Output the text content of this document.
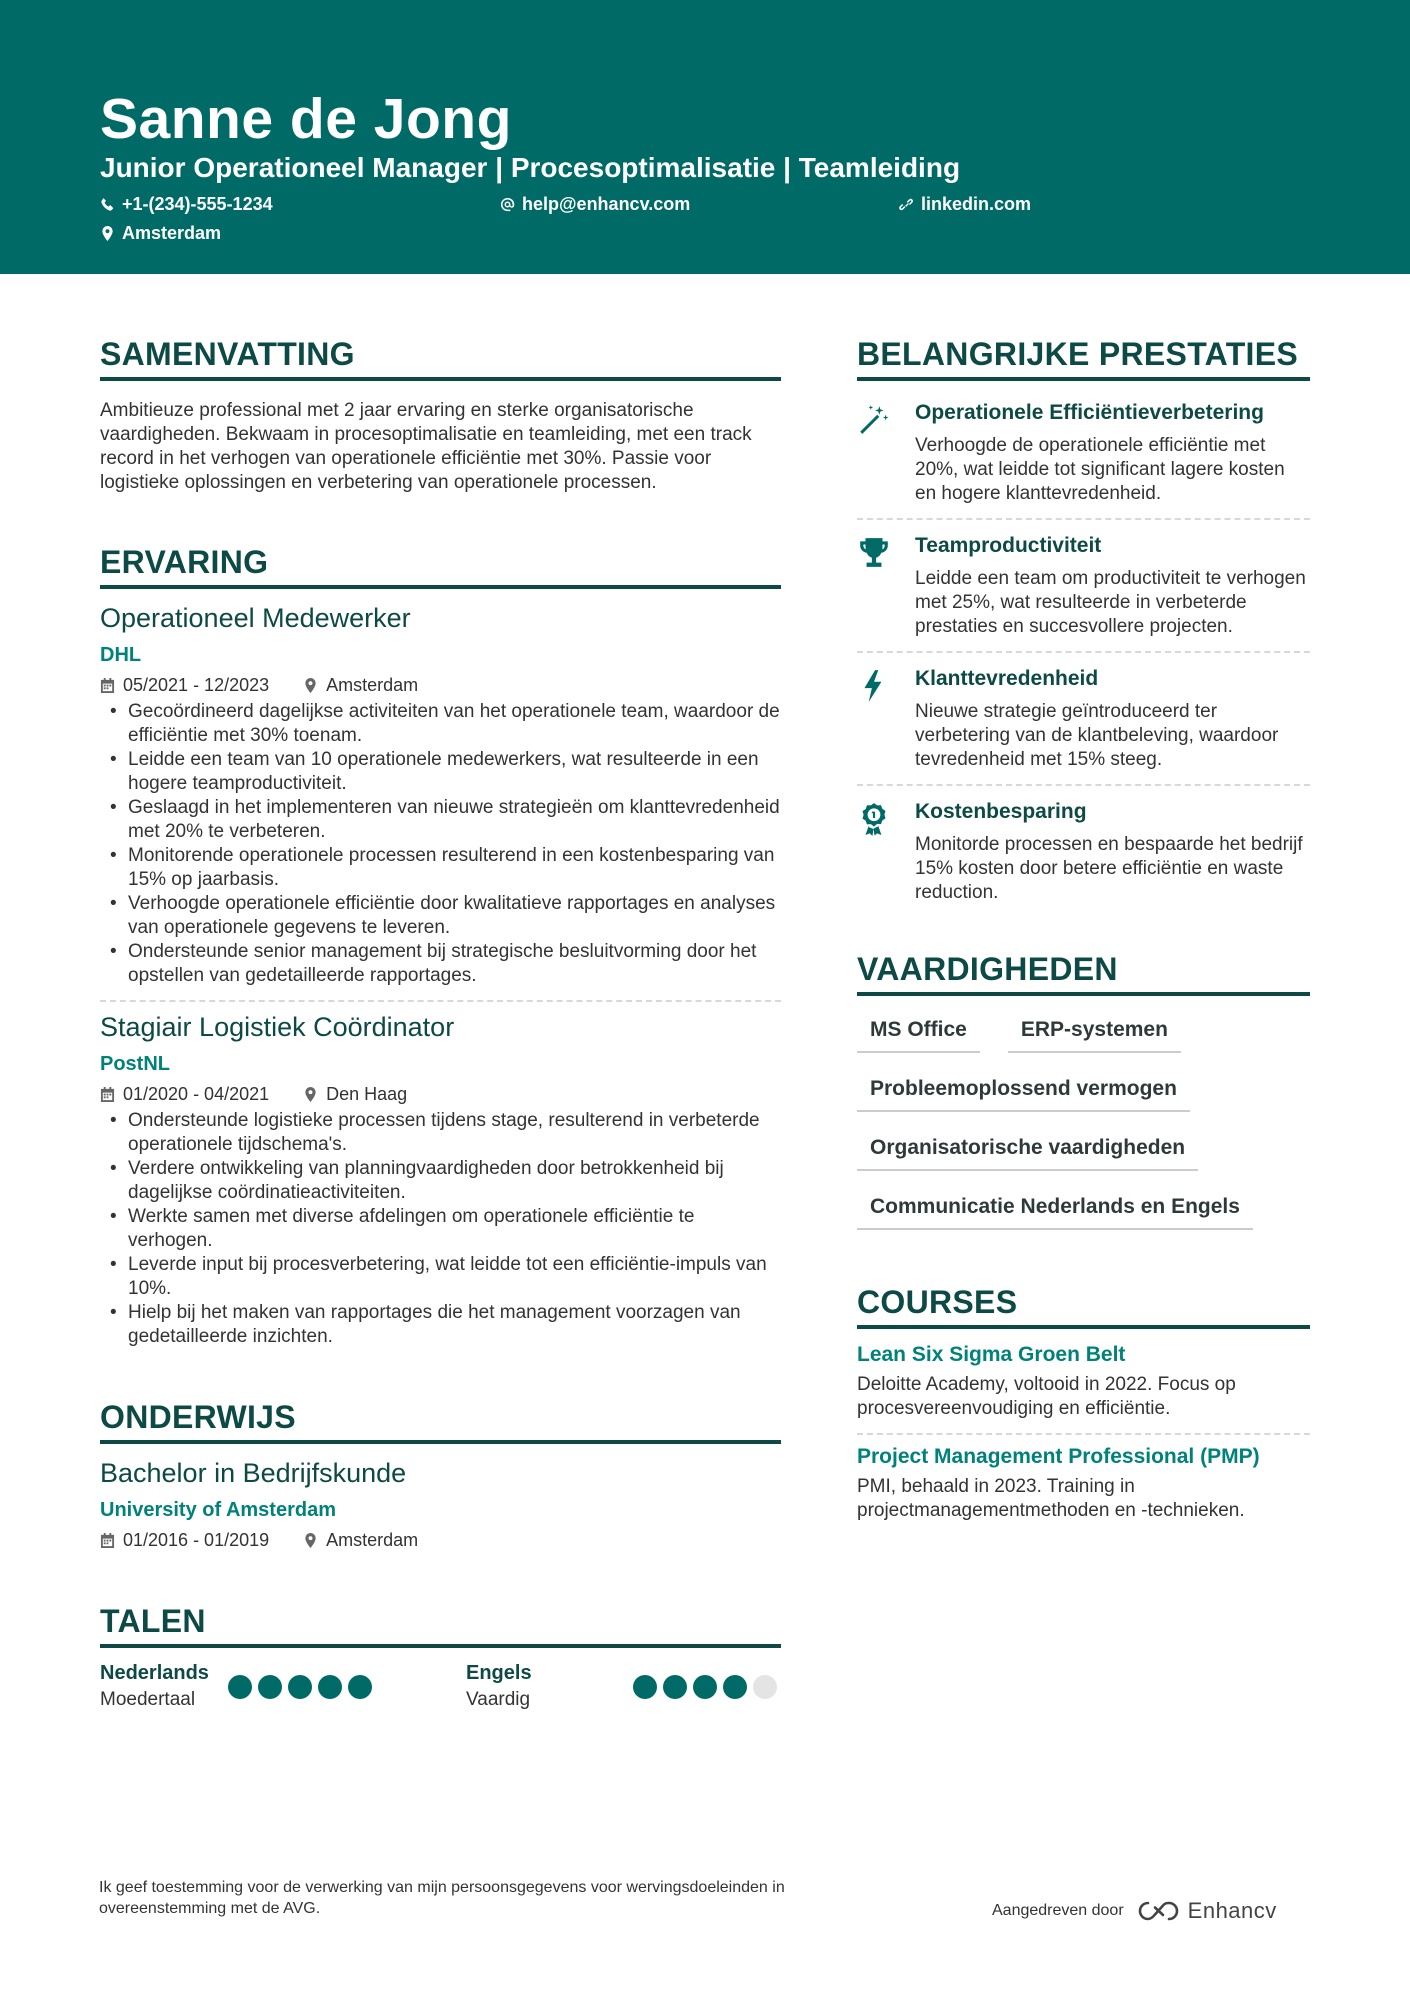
Sanne de Jong
Junior Operationeel Manager | Procesoptimalisatie | Teamleiding
+1-(234)-555-1234	help@enhancv.com	linkedin.com
Amsterdam
SAMENVATTING
Ambitieuze professional met 2 jaar ervaring en sterke organisatorische vaardigheden. Bekwaam in procesoptimalisatie en teamleiding, met een track record in het verhogen van operationele efficiëntie met 30%. Passie voor logistieke oplossingen en verbetering van operationele processen.
ERVARING
Operationeel Medewerker
DHL
05/2021 - 12/2023	Amsterdam
• Gecoördineerd dagelijkse activiteiten van het operationele team, waardoor de efficiëntie met 30% toenam.
• Leidde een team van 10 operationele medewerkers, wat resulteerde in een hogere teamproductiviteit.
• Geslaagd in het implementeren van nieuwe strategieën om klanttevredenheid met 20% te verbeteren.
• Monitorende operationele processen resulterend in een kostenbesparing van 15% op jaarbasis.
• Verhoogde operationele efficiëntie door kwalitatieve rapportages en analyses van operationele gegevens te leveren.
• Ondersteunde senior management bij strategische besluitvorming door het opstellen van gedetailleerde rapportages.
Stagiair Logistiek Coördinator
PostNL
01/2020 - 04/2021	Den Haag
• Ondersteunde logistieke processen tijdens stage, resulterend in verbeterde operationele tijdschema's.
• Verdere ontwikkeling van planningvaardigheden door betrokkenheid bij dagelijkse coördinatieactiviteiten.
• Werkte samen met diverse afdelingen om operationele efficiëntie te verhogen.
• Leverde input bij procesverbetering, wat leidde tot een efficiëntie-impuls van 10%.
• Hielp bij het maken van rapportages die het management voorzagen van gedetailleerde inzichten.
ONDERWIJS
Bachelor in Bedrijfskunde
University of Amsterdam
01/2016 - 01/2019	Amsterdam
TALEN
Nederlands
Moedertaal
Engels
Vaardig
BELANGRIJKE PRESTATIES
Operationele Efficiëntieverbetering
Verhoogde de operationele efficiëntie met 20%, wat leidde tot significant lagere kosten en hogere klanttevredenheid.
Teamproductiviteit
Leidde een team om productiviteit te verhogen met 25%, wat resulteerde in verbeterde prestaties en succesvollere projecten.
Klanttevredenheid
Nieuwe strategie geïntroduceerd ter verbetering van de klantbeleving, waardoor tevredenheid met 15% steeg.
Kostenbesparing
Monitorde processen en bespaarde het bedrijf 15% kosten door betere efficiëntie en waste reduction.
VAARDIGHEDEN
MS Office	ERP-systemen
Probleemoplossend vermogen
Organisatorische vaardigheden
Communicatie Nederlands en Engels
COURSES
Lean Six Sigma Groen Belt
Deloitte Academy, voltooid in 2022. Focus op procesvereenvoudiging en efficiëntie.
Project Management Professional (PMP)
PMI, behaald in 2023. Training in projectmanagementmethoden en -technieken.
Ik geef toestemming voor de verwerking van mijn persoonsgegevens voor wervingsdoeleinden in overeenstemming met de AVG.	Aangedreven door	Enhancv
